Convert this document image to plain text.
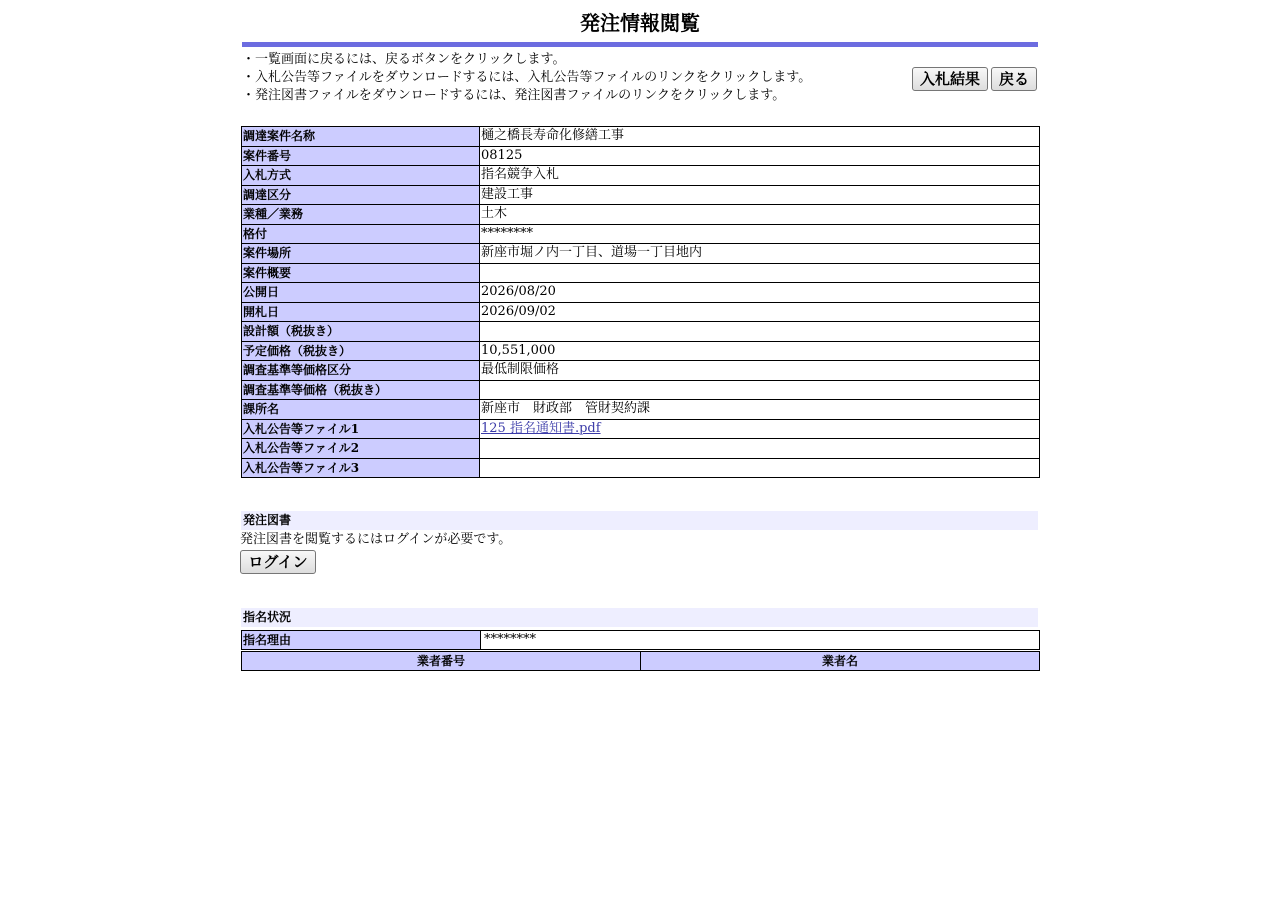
発注情報閲覧
・一覧画面に戻るには、戻るボタンをクリックします。
・入札公告等ファイルをダウンロードするには、入札公告等ファイルのリンクをクリックします。
・発注図書ファイルをダウンロードするには、発注図書ファイルのリンクをクリックします。
入札結果	戻る
調達案件名称	樋之橋長寿命化修繕工事
案件番号	08125
入札方式	指名競争入札
調達区分	建設工事
業種／業務	土木
格付	********
案件場所	新座市堀ノ内一丁目、道場一丁目地内
案件概要	
公開日	2026/08/20
開札日	2026/09/02
設計額（税抜き）	
予定価格（税抜き）	10,551,000
調査基準等価格区分	最低制限価格
調査基準等価格（税抜き）	
課所名	新座市　財政部　管財契約課
入札公告等ファイル1	125 指名通知書.pdf
入札公告等ファイル2	
入札公告等ファイル3	
発注図書
発注図書を閲覧するにはログインが必要です。
ログイン
指名状況
指名理由	********
業者番号	業者名
